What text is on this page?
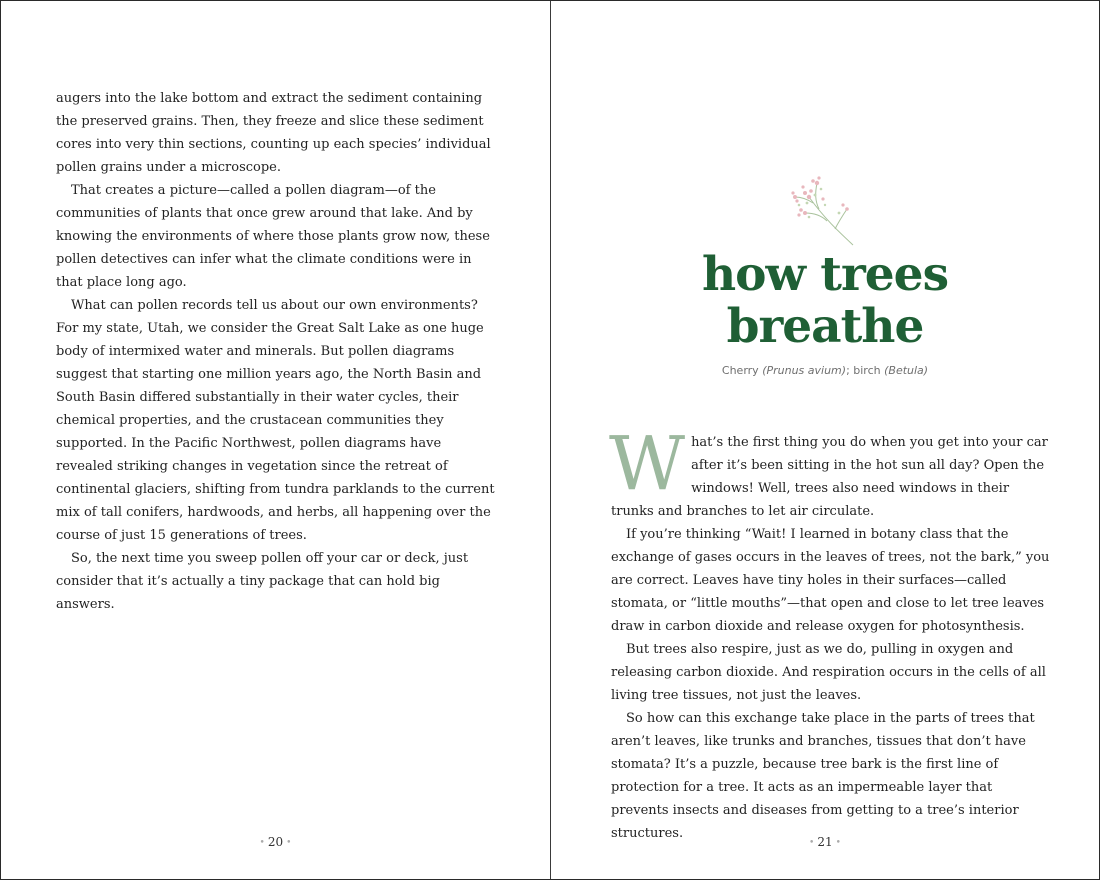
augers into the lake bottom and extract the sediment containing the preserved grains. Then, they freeze and slice these sediment cores into very thin sections, counting up each species’ individual pollen grains under a microscope.

That creates a picture—called a pollen diagram—of the communities of plants that once grew around that lake. And by knowing the environments of where those plants grow now, these pollen detectives can infer what the climate conditions were in that place long ago.

What can pollen records tell us about our own environments? For my state, Utah, we consider the Great Salt Lake as one huge body of intermixed water and minerals. But pollen diagrams suggest that starting one million years ago, the North Basin and South Basin differed substantially in their water cycles, their chemical properties, and the crustacean communities they supported. In the Pacific Northwest, pollen diagrams have revealed striking changes in vegetation since the retreat of continental glaciers, shifting from tundra parklands to the current mix of tall conifers, hardwoods, and herbs, all happening over the course of just 15 generations of trees.

So, the next time you sweep pollen off your car or deck, just consider that it’s actually a tiny package that can hold big answers.

• 20 •
how trees
breathe
Cherry (Prunus avium); birch (Betula)

What’s the first thing you do when you get into your car after it’s been sitting in the hot sun all day? Open the windows! Well, trees also need windows in their trunks and branches to let air circulate.

If you’re thinking “Wait! I learned in botany class that the exchange of gases occurs in the leaves of trees, not the bark,” you are correct. Leaves have tiny holes in their surfaces—called stomata, or “little mouths”—that open and close to let tree leaves draw in carbon dioxide and release oxygen for photosynthesis.

But trees also respire, just as we do, pulling in oxygen and releasing carbon dioxide. And respiration occurs in the cells of all living tree tissues, not just the leaves.

So how can this exchange take place in the parts of trees that aren’t leaves, like trunks and branches, tissues that don’t have stomata? It’s a puzzle, because tree bark is the first line of protection for a tree. It acts as an impermeable layer that prevents insects and diseases from getting to a tree’s interior structures.

• 21 •
